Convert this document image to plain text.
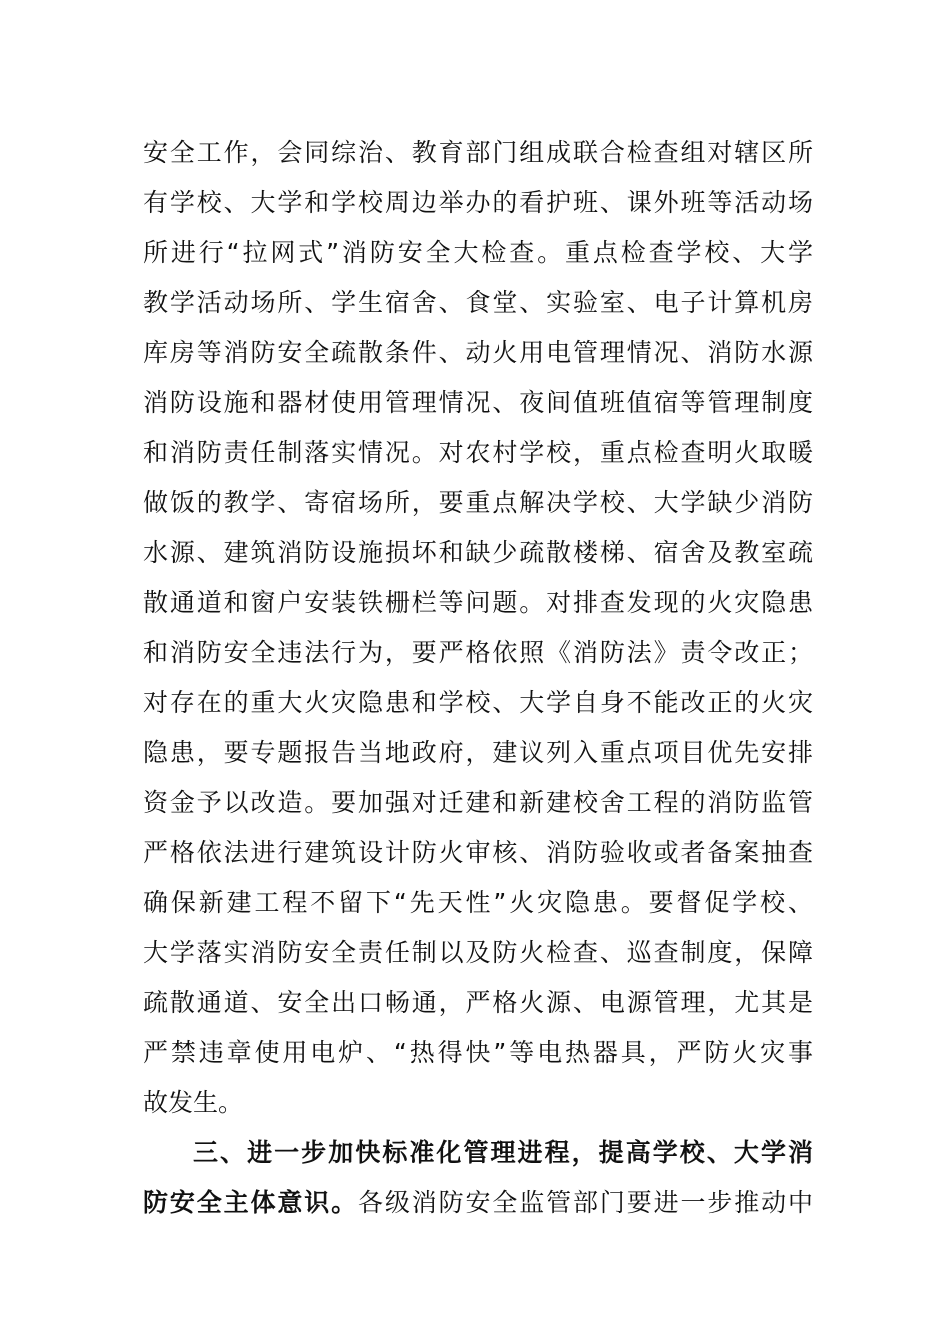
安全工作，会同综治、教育部门组成联合检查组对辖区所
有学校、大学和学校周边举办的看护班、课外班等活动场
所进行“拉网式”消防安全大检查。重点检查学校、大学
教学活动场所、学生宿舍、食堂、实验室、电子计算机房
库房等消防安全疏散条件、动火用电管理情况、消防水源
消防设施和器材使用管理情况、夜间值班值宿等管理制度
和消防责任制落实情况。对农村学校，重点检查明火取暖
做饭的教学、寄宿场所，要重点解决学校、大学缺少消防
水源、建筑消防设施损坏和缺少疏散楼梯、宿舍及教室疏
散通道和窗户安装铁栅栏等问题。对排查发现的火灾隐患
和消防安全违法行为，要严格依照《消防法》责令改正；
对存在的重大火灾隐患和学校、大学自身不能改正的火灾
隐患，要专题报告当地政府，建议列入重点项目优先安排
资金予以改造。要加强对迁建和新建校舍工程的消防监管
严格依法进行建筑设计防火审核、消防验收或者备案抽查
确保新建工程不留下“先天性”火灾隐患。要督促学校、
大学落实消防安全责任制以及防火检查、巡查制度，保障
疏散通道、安全出口畅通，严格火源、电源管理，尤其是
严禁违章使用电炉、“热得快”等电热器具，严防火灾事
故发生。
三、进一步加快标准化管理进程，提高学校、大学消
防安全主体意识。各级消防安全监管部门要进一步推动中
